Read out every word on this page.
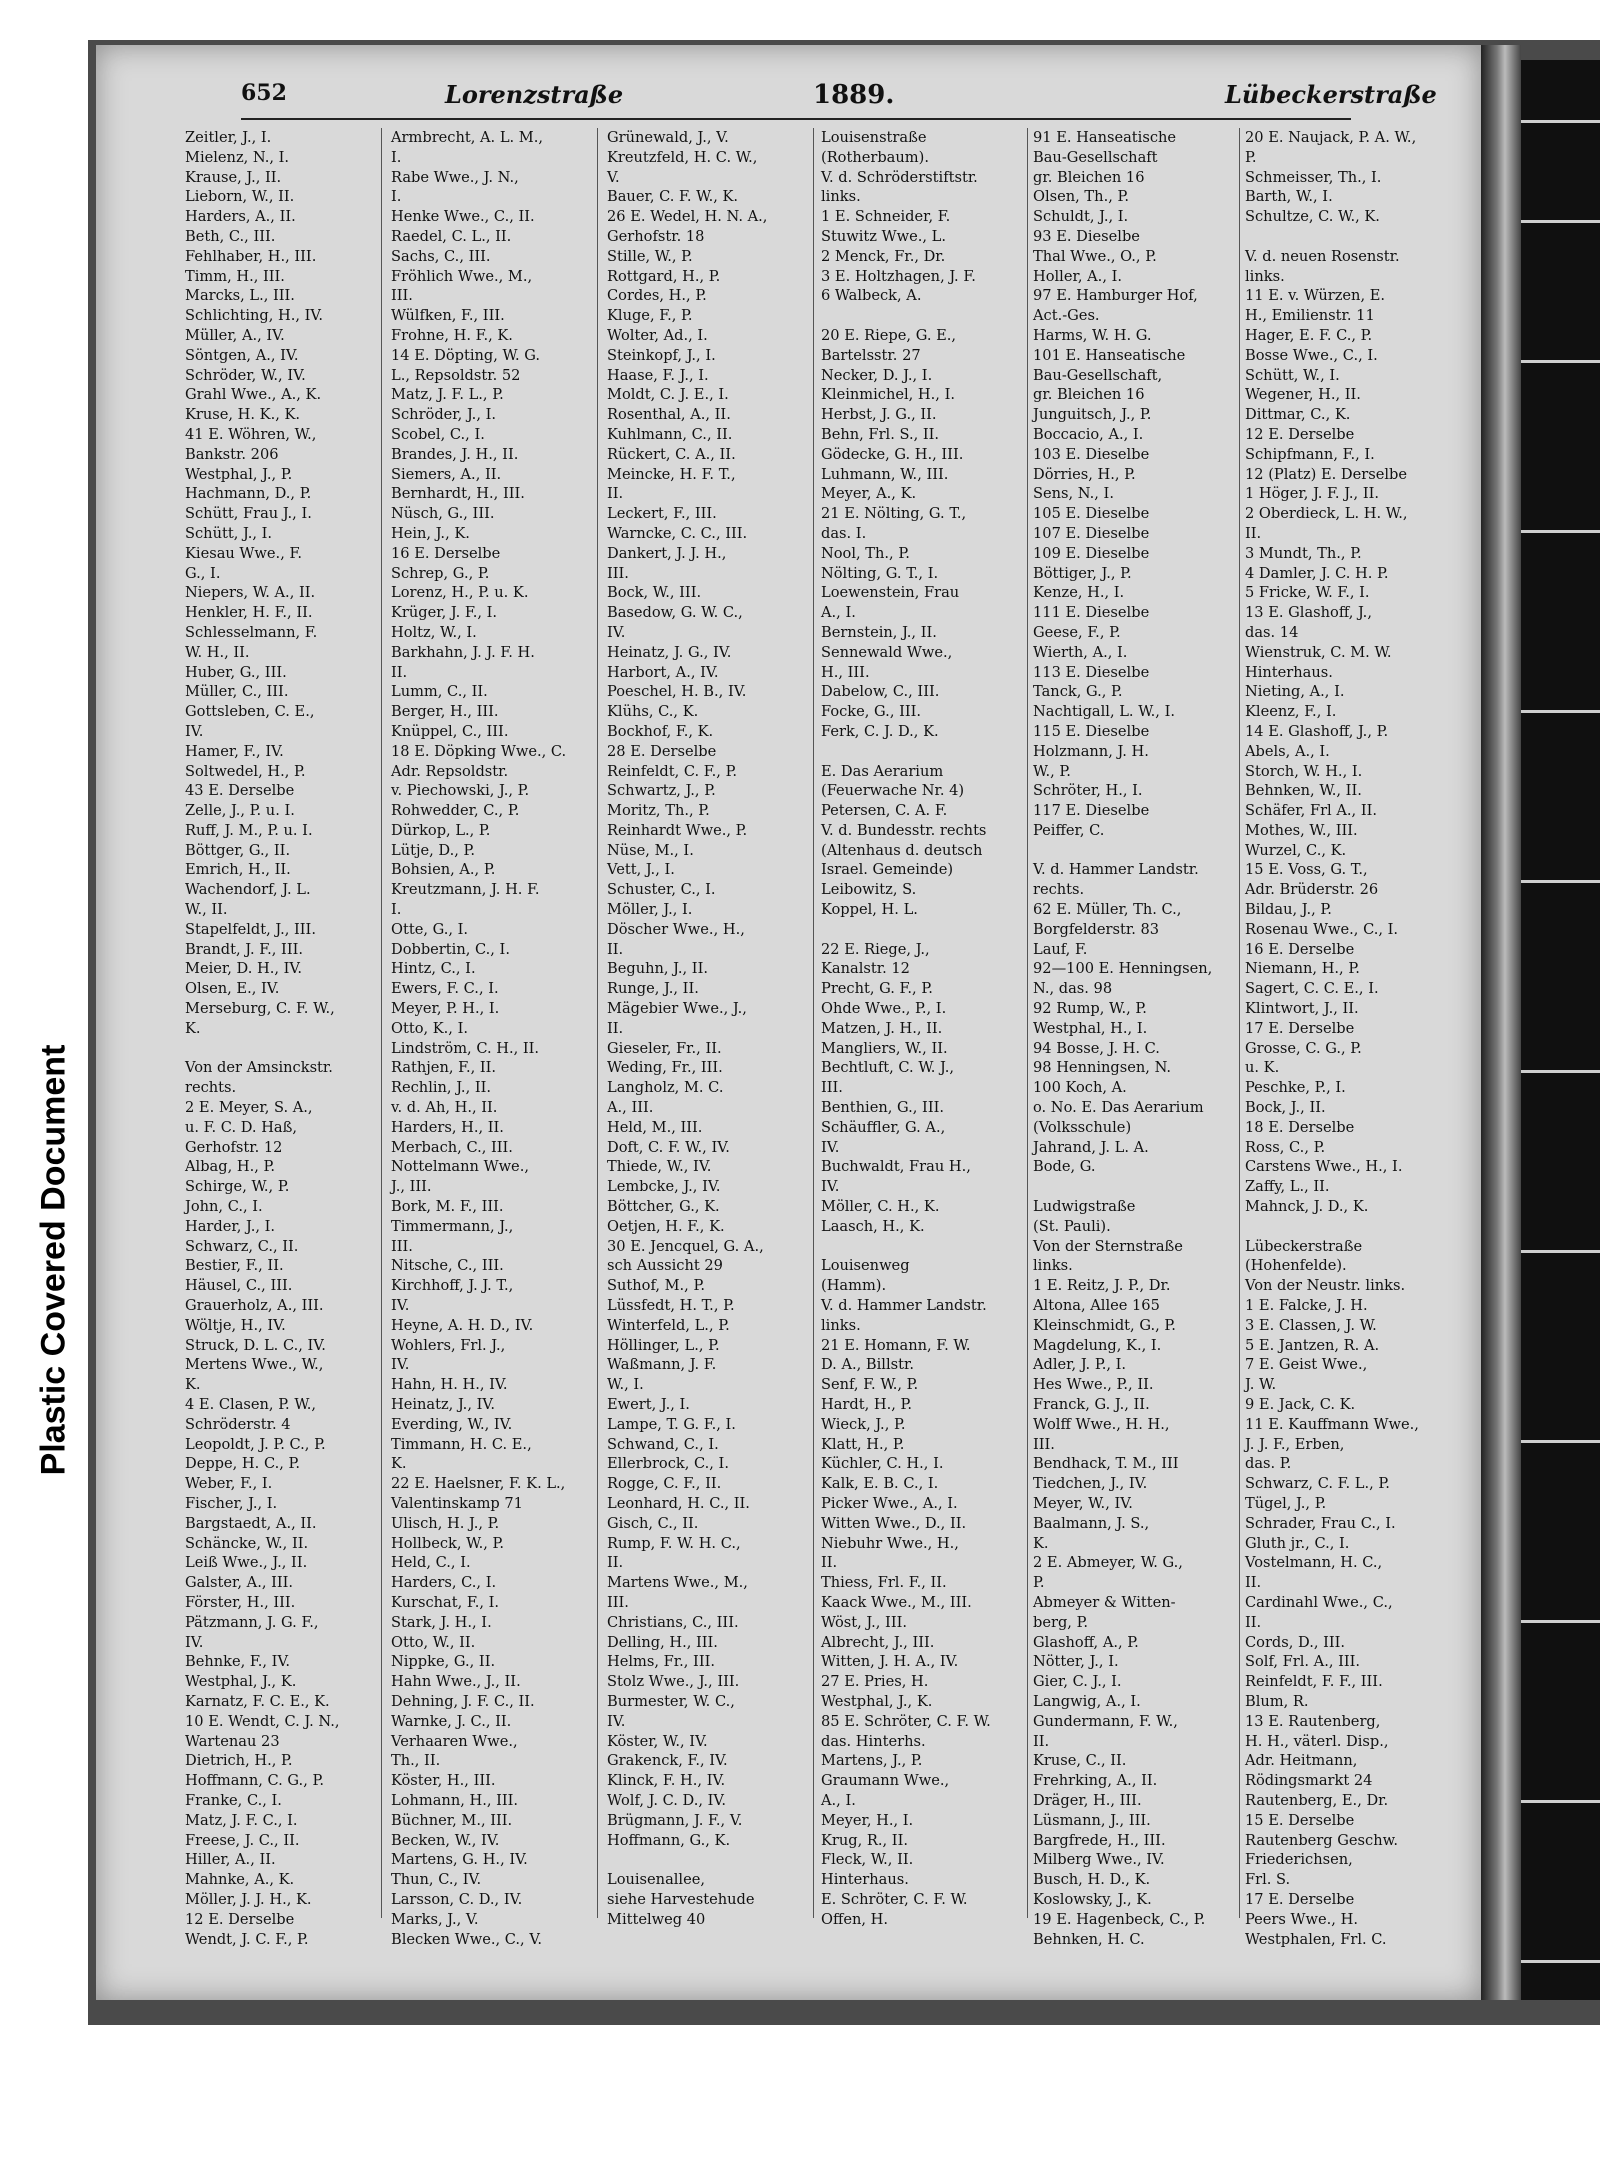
Plastic Covered Document
652	Lorenzstraße	1889.	Lübeckerstraße
Zeitler, J., I.
Mielenz, N., I.
Krause, J., II.
Lieborn, W., II.
Harders, A., II.
Beth, C., III.
Fehlhaber, H., III.
Timm, H., III.
Marcks, L., III.
Schlichting, H., IV.
Müller, A., IV.
Söntgen, A., IV.
Schröder, W., IV.
Grahl Wwe., A., K.
Kruse, H. K., K.
41 E. Wöhren, W.,
Bankstr. 206
Westphal, J., P.
Hachmann, D., P.
Schütt, Frau J., I.
Schütt, J., I.
Kiesau Wwe., F.
G., I.
Niepers, W. A., II.
Henkler, H. F., II.
Schlesselmann, F.
W. H., II.
Huber, G., III.
Müller, C., III.
Gottsleben, C. E.,
IV.
Hamer, F., IV.
Soltwedel, H., P.
43 E. Derselbe
Zelle, J., P. u. I.
Ruff, J. M., P. u. I.
Böttger, G., II.
Emrich, H., II.
Wachendorf, J. L.
W., II.
Stapelfeldt, J., III.
Brandt, J. F., III.
Meier, D. H., IV.
Olsen, E., IV.
Merseburg, C. F. W.,
K.
Von der Amsinckstr.
rechts.
2 E. Meyer, S. A.,
u. F. C. D. Haß,
Gerhofstr. 12
Albag, H., P.
Schirge, W., P.
John, C., I.
Harder, J., I.
Schwarz, C., II.
Bestier, F., II.
Häusel, C., III.
Grauerholz, A., III.
Wöltje, H., IV.
Struck, D. L. C., IV.
Mertens Wwe., W.,
K.
4 E. Clasen, P. W.,
Schröderstr. 4
Leopoldt, J. P. C., P.
Deppe, H. C., P.
Weber, F., I.
Fischer, J., I.
Bargstaedt, A., II.
Schäncke, W., II.
Leiß Wwe., J., II.
Galster, A., III.
Förster, H., III.
Pätzmann, J. G. F.,
IV.
Behnke, F., IV.
Westphal, J., K.
Karnatz, F. C. E., K.
10 E. Wendt, C. J. N.,
Wartenau 23
Dietrich, H., P.
Hoffmann, C. G., P.
Franke, C., I.
Matz, J. F. C., I.
Freese, J. C., II.
Hiller, A., II.
Mahnke, A., K.
Möller, J. J. H., K.
12 E. Derselbe
Wendt, J. C. F., P.
Armbrecht, A. L. M.,
I.
Rabe Wwe., J. N.,
I.
Henke Wwe., C., II.
Raedel, C. L., II.
Sachs, C., III.
Fröhlich Wwe., M.,
III.
Wülfken, F., III.
Frohne, H. F., K.
14 E. Döpting, W. G.
L., Repsoldstr. 52
Matz, J. F. L., P.
Schröder, J., I.
Scobel, C., I.
Brandes, J. H., II.
Siemers, A., II.
Bernhardt, H., III.
Nüsch, G., III.
Hein, J., K.
16 E. Derselbe
Schrep, G., P.
Lorenz, H., P. u. K.
Krüger, J. F., I.
Holtz, W., I.
Barkhahn, J. J. F. H.
II.
Lumm, C., II.
Berger, H., III.
Knüppel, C., III.
18 E. Döpking Wwe., C.
Adr. Repsoldstr.
v. Piechowski, J., P.
Rohwedder, C., P.
Dürkop, L., P.
Lütje, D., P.
Bohsien, A., P.
Kreutzmann, J. H. F.
I.
Otte, G., I.
Dobbertin, C., I.
Hintz, C., I.
Ewers, F. C., I.
Meyer, P. H., I.
Otto, K., I.
Lindström, C. H., II.
Rathjen, F., II.
Rechlin, J., II.
v. d. Ah, H., II.
Harders, H., II.
Merbach, C., III.
Nottelmann Wwe.,
J., III.
Bork, M. F., III.
Timmermann, J.,
III.
Nitsche, C., III.
Kirchhoff, J. J. T.,
IV.
Heyne, A. H. D., IV.
Wohlers, Frl. J.,
IV.
Hahn, H. H., IV.
Heinatz, J., IV.
Everding, W., IV.
Timmann, H. C. E.,
K.
22 E. Haelsner, F. K. L.,
Valentinskamp 71
Ulisch, H. J., P.
Hollbeck, W., P.
Held, C., I.
Harders, C., I.
Kurschat, F., I.
Stark, J. H., I.
Otto, W., II.
Nippke, G., II.
Hahn Wwe., J., II.
Dehning, J. F. C., II.
Warnke, J. C., II.
Verhaaren Wwe.,
Th., II.
Köster, H., III.
Lohmann, H., III.
Büchner, M., III.
Becken, W., IV.
Martens, G. H., IV.
Thun, C., IV.
Larsson, C. D., IV.
Marks, J., V.
Blecken Wwe., C., V.
Grünewald, J., V.
Kreutzfeld, H. C. W.,
V.
Bauer, C. F. W., K.
26 E. Wedel, H. N. A.,
Gerhofstr. 18
Stille, W., P.
Rottgard, H., P.
Cordes, H., P.
Kluge, F., P.
Wolter, Ad., I.
Steinkopf, J., I.
Haase, F. J., I.
Moldt, C. J. E., I.
Rosenthal, A., II.
Kuhlmann, C., II.
Rückert, C. A., II.
Meincke, H. F. T.,
II.
Leckert, F., III.
Warncke, C. C., III.
Dankert, J. J. H.,
III.
Bock, W., III.
Basedow, G. W. C.,
IV.
Heinatz, J. G., IV.
Harbort, A., IV.
Poeschel, H. B., IV.
Klühs, C., K.
Bockhof, F., K.
28 E. Derselbe
Reinfeldt, C. F., P.
Schwartz, J., P.
Moritz, Th., P.
Reinhardt Wwe., P.
Nüse, M., I.
Vett, J., I.
Schuster, C., I.
Möller, J., I.
Döscher Wwe., H.,
II.
Beguhn, J., II.
Runge, J., II.
Mägebier Wwe., J.,
II.
Gieseler, Fr., II.
Weding, Fr., III.
Langholz, M. C.
A., III.
Held, M., III.
Doft, C. F. W., IV.
Thiede, W., IV.
Lembcke, J., IV.
Böttcher, G., K.
Oetjen, H. F., K.
30 E. Jencquel, G. A.,
sch Aussicht 29
Suthof, M., P.
Lüssfedt, H. T., P.
Winterfeld, L., P.
Höllinger, L., P.
Waßmann, J. F.
W., I.
Ewert, J., I.
Lampe, T. G. F., I.
Schwand, C., I.
Ellerbrock, C., I.
Rogge, C. F., II.
Leonhard, H. C., II.
Gisch, C., II.
Rump, F. W. H. C.,
II.
Martens Wwe., M.,
III.
Christians, C., III.
Delling, H., III.
Helms, Fr., III.
Stolz Wwe., J., III.
Burmester, W. C.,
IV.
Köster, W., IV.
Grakenck, F., IV.
Klinck, F. H., IV.
Wolf, J. C. D., IV.
Brügmann, J. F., V.
Hoffmann, G., K.
Louisenallee,
siehe Harvestehude
Mittelweg 40
Louisenstraße
(Rotherbaum).
V. d. Schröderstiftstr.
links.
1 E. Schneider, F.
Stuwitz Wwe., L.
2 Menck, Fr., Dr.
3 E. Holtzhagen, J. F.
6 Walbeck, A.
20 E. Riepe, G. E.,
Bartelsstr. 27
Necker, D. J., I.
Kleinmichel, H., I.
Herbst, J. G., II.
Behn, Frl. S., II.
Gödecke, G. H., III.
Luhmann, W., III.
Meyer, A., K.
21 E. Nölting, G. T.,
das. I.
Nool, Th., P.
Nölting, G. T., I.
Loewenstein, Frau
A., I.
Bernstein, J., II.
Sennewald Wwe.,
H., III.
Dabelow, C., III.
Focke, G., III.
Ferk, C. J. D., K.
E. Das Aerarium
(Feuerwache Nr. 4)
Petersen, C. A. F.
V. d. Bundesstr. rechts
(Altenhaus d. deutsch
Israel. Gemeinde)
Leibowitz, S.
Koppel, H. L.
22 E. Riege, J.,
Kanalstr. 12
Precht, G. F., P.
Ohde Wwe., P., I.
Matzen, J. H., II.
Mangliers, W., II.
Bechtluft, C. W. J.,
III.
Benthien, G., III.
Schäuffler, G. A.,
IV.
Buchwaldt, Frau H.,
IV.
Möller, C. H., K.
Laasch, H., K.
Louisenweg
(Hamm).
V. d. Hammer Landstr.
links.
21 E. Homann, F. W.
D. A., Billstr.
Senf, F. W., P.
Hardt, H., P.
Wieck, J., P.
Klatt, H., P.
Küchler, C. H., I.
Kalk, E. B. C., I.
Picker Wwe., A., I.
Witten Wwe., D., II.
Niebuhr Wwe., H.,
II.
Thiess, Frl. F., II.
Kaack Wwe., M., III.
Wöst, J., III.
Albrecht, J., III.
Witten, J. H. A., IV.
27 E. Pries, H.
Westphal, J., K.
85 E. Schröter, C. F. W.
das. Hinterhs.
Martens, J., P.
Graumann Wwe.,
A., I.
Meyer, H., I.
Krug, R., II.
Fleck, W., II.
Hinterhaus.
E. Schröter, C. F. W.
Offen, H.
91 E. Hanseatische
Bau-Gesellschaft
gr. Bleichen 16
Olsen, Th., P.
Schuldt, J., I.
93 E. Dieselbe
Thal Wwe., O., P.
Holler, A., I.
97 E. Hamburger Hof,
Act.-Ges.
Harms, W. H. G.
101 E. Hanseatische
Bau-Gesellschaft,
gr. Bleichen 16
Junguitsch, J., P.
Boccacio, A., I.
103 E. Dieselbe
Dörries, H., P.
Sens, N., I.
105 E. Dieselbe
107 E. Dieselbe
109 E. Dieselbe
Böttiger, J., P.
Kenze, H., I.
111 E. Dieselbe
Geese, F., P.
Wierth, A., I.
113 E. Dieselbe
Tanck, G., P.
Nachtigall, L. W., I.
115 E. Dieselbe
Holzmann, J. H.
W., P.
Schröter, H., I.
117 E. Dieselbe
Peiffer, C.
V. d. Hammer Landstr.
rechts.
62 E. Müller, Th. C.,
Borgfelderstr. 83
Lauf, F.
92—100 E. Henningsen,
N., das. 98
92 Rump, W., P.
Westphal, H., I.
94 Bosse, J. H. C.
98 Henningsen, N.
100 Koch, A.
o. No. E. Das Aerarium
(Volksschule)
Jahrand, J. L. A.
Bode, G.
Ludwigstraße
(St. Pauli).
Von der Sternstraße
links.
1 E. Reitz, J. P., Dr.
Altona, Allee 165
Kleinschmidt, G., P.
Magdelung, K., I.
Adler, J. P., I.
Hes Wwe., P., II.
Franck, G. J., II.
Wolff Wwe., H. H.,
III.
Bendhack, T. M., III
Tiedchen, J., IV.
Meyer, W., IV.
Baalmann, J. S.,
K.
2 E. Abmeyer, W. G.,
P.
Abmeyer & Witten-
berg, P.
Glashoff, A., P.
Nötter, J., I.
Gier, C. J., I.
Langwig, A., I.
Gundermann, F. W.,
II.
Kruse, C., II.
Frehrking, A., II.
Dräger, H., III.
Lüsmann, J., III.
Bargfrede, H., III.
Milberg Wwe., IV.
Busch, H. D., K.
Koslowsky, J., K.
19 E. Hagenbeck, C., P.
Behnken, H. C.
20 E. Naujack, P. A. W.,
P.
Schmeisser, Th., I.
Barth, W., I.
Schultze, C. W., K.
V. d. neuen Rosenstr.
links.
11 E. v. Würzen, E.
H., Emilienstr. 11
Hager, E. F. C., P.
Bosse Wwe., C., I.
Schütt, W., I.
Wegener, H., II.
Dittmar, C., K.
12 E. Derselbe
Schipfmann, F., I.
12 (Platz) E. Derselbe
1 Höger, J. F. J., II.
2 Oberdieck, L. H. W.,
II.
3 Mundt, Th., P.
4 Damler, J. C. H. P.
5 Fricke, W. F., I.
13 E. Glashoff, J.,
das. 14
Wienstruk, C. M. W.
Hinterhaus.
Nieting, A., I.
Kleenz, F., I.
14 E. Glashoff, J., P.
Abels, A., I.
Storch, W. H., I.
Behnken, W., II.
Schäfer, Frl A., II.
Mothes, W., III.
Wurzel, C., K.
15 E. Voss, G. T.,
Adr. Brüderstr. 26
Bildau, J., P.
Rosenau Wwe., C., I.
16 E. Derselbe
Niemann, H., P.
Sagert, C. C. E., I.
Klintwort, J., II.
17 E. Derselbe
Grosse, C. G., P.
u. K.
Peschke, P., I.
Bock, J., II.
18 E. Derselbe
Ross, C., P.
Carstens Wwe., H., I.
Zaffy, L., II.
Mahnck, J. D., K.
Lübeckerstraße
(Hohenfelde).
Von der Neustr. links.
1 E. Falcke, J. H.
3 E. Classen, J. W.
5 E. Jantzen, R. A.
7 E. Geist Wwe.,
J. W.
9 E. Jack, C. K.
11 E. Kauffmann Wwe.,
J. J. F., Erben,
das. P.
Schwarz, C. F. L., P.
Tügel, J., P.
Schrader, Frau C., I.
Gluth jr., C., I.
Vostelmann, H. C.,
II.
Cardinahl Wwe., C.,
II.
Cords, D., III.
Solf, Frl. A., III.
Reinfeldt, F. F., III.
Blum, R.
13 E. Rautenberg,
H. H., väterl. Disp.,
Adr. Heitmann,
Rödingsmarkt 24
Rautenberg, E., Dr.
15 E. Derselbe
Rautenberg Geschw.
Friederichsen,
Frl. S.
17 E. Derselbe
Peers Wwe., H.
Westphalen, Frl. C.
